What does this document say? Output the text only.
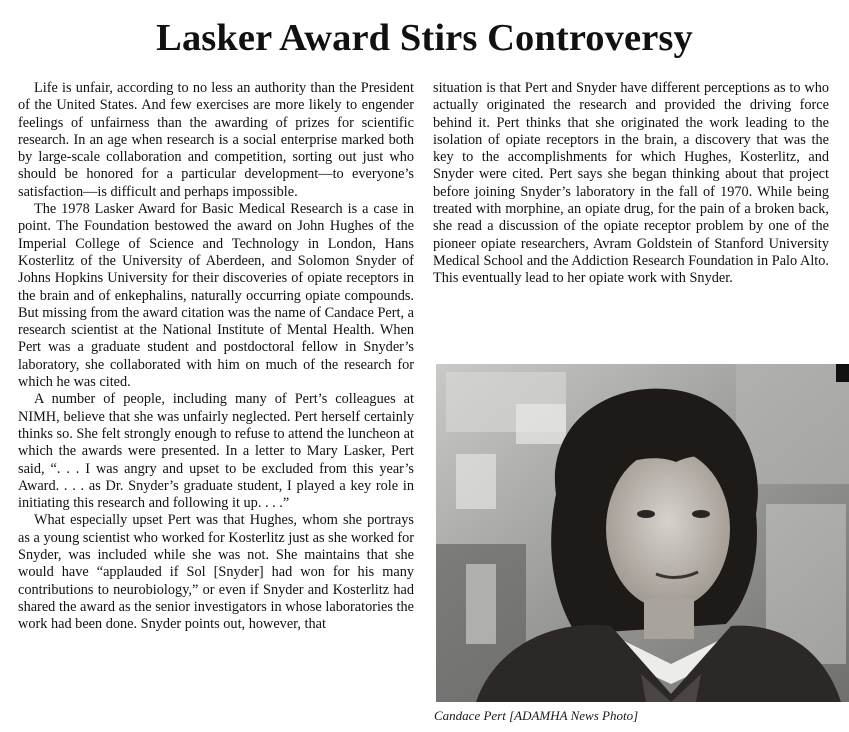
Lasker Award Stirs Controversy

Life is unfair, according to no less an authority than the President of the United States. And few exercises are more likely to engender feelings of unfairness than the awarding of prizes for scientific research. In an age when research is a social enterprise marked both by large-scale collaboration and competition, sorting out just who should be honored for a particular development—to everyone’s satisfaction—is difficult and perhaps impossible.

The 1978 Lasker Award for Basic Medical Research is a case in point. The Foundation bestowed the award on John Hughes of the Imperial College of Science and Technology in London, Hans Kosterlitz of the University of Aberdeen, and Solomon Snyder of Johns Hopkins University for their discoveries of opiate receptors in the brain and of enkephalins, naturally occurring opiate compounds. But missing from the award citation was the name of Candace Pert, a research scientist at the National Institute of Mental Health. When Pert was a graduate student and postdoctoral fellow in Snyder’s laboratory, she collaborated with him on much of the research for which he was cited.

A number of people, including many of Pert’s colleagues at NIMH, believe that she was unfairly neglected. Pert herself certainly thinks so. She felt strongly enough to refuse to attend the luncheon at which the awards were presented. In a letter to Mary Lasker, Pert said, “. . . I was angry and upset to be excluded from this year’s Award. . . . as Dr. Snyder’s graduate student, I played a key role in initiating this research and following it up. . . .”

What especially upset Pert was that Hughes, whom she portrays as a young scientist who worked for Kosterlitz just as she worked for Snyder, was included while she was not. She maintains that she would have “applauded if Sol [Snyder] had won for his many contributions to neurobiology,” or even if Snyder and Kosterlitz had shared the award as the senior investigators in whose laboratories the work had been done. Snyder points out, however, that

situation is that Pert and Snyder have different perceptions as to who actually originated the research and provided the driving force behind it. Pert thinks that she originated the work leading to the isolation of opiate receptors in the brain, a discovery that was the key to the accomplishments for which Hughes, Kosterlitz, and Snyder were cited. Pert says she began thinking about that project before joining Snyder’s laboratory in the fall of 1970. While being treated with morphine, an opiate drug, for the pain of a broken back, she read a discussion of the opiate receptor problem by one of the pioneer opiate researchers, Avram Goldstein of Stanford University Medical School and the Addiction Research Foundation in Palo Alto. This eventually lead to her opiate work with Snyder.

Candace Pert [ADAMHA News Photo]
